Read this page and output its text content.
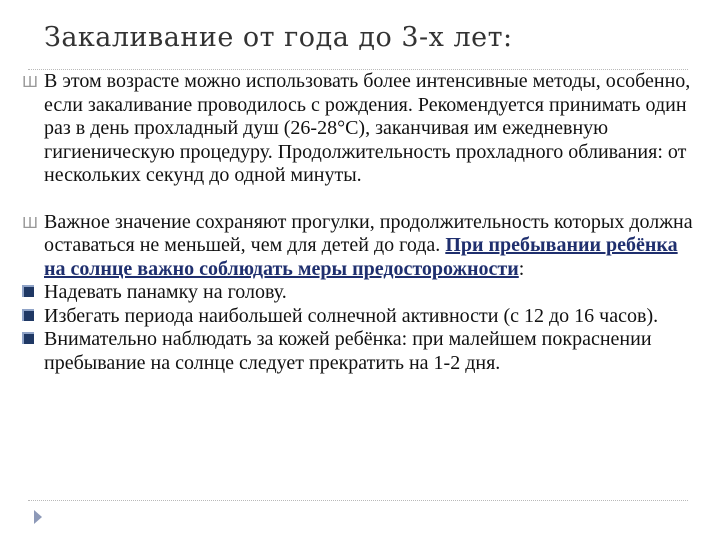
Закаливание от года до 3-х лет:
Ш В этом возрасте можно использовать более интенсивные методы, особенно, если закаливание проводилось с рождения. Рекомендуется принимать один раз в день прохладный душ (26-28°С), заканчивая им ежедневную гигиеническую процедуру. Продолжительность прохладного обливания: от нескольких секунд до одной минуты.
Ш Важное значение сохраняют прогулки, продолжительность которых должна оставаться не меньшей, чем для детей до года. При пребывании ребёнка на солнце важно соблюдать меры предосторожности:
Надевать панамку на голову.
Избегать периода наибольшей солнечной активности (с 12 до 16 часов).
Внимательно наблюдать за кожей ребёнка: при малейшем покраснении пребывание на солнце следует прекратить на 1-2 дня.
